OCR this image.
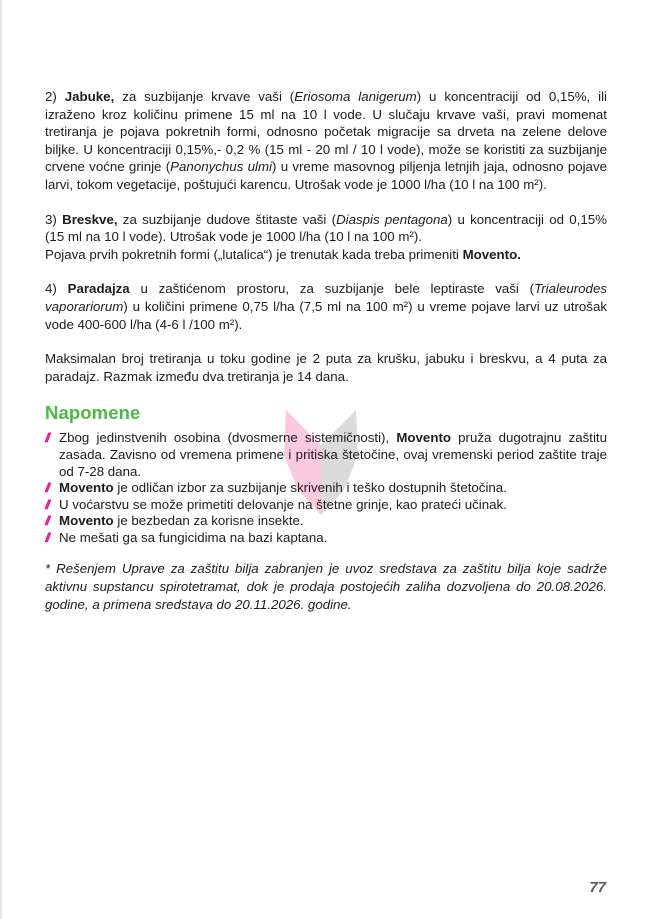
2) Jabuke, za suzbijanje krvave vaši (Eriosoma lanigerum) u koncentraciji od 0,15%, ili izraženo kroz količinu primene 15 ml na 10 l vode. U slučaju krvave vaši, pravi momenat tretiranja je pojava pokretnih formi, odnosno početak migracije sa drveta na zelene delove biljke. U koncentraciji 0,15%,- 0,2 % (15 ml - 20 ml / 10 l vode), može se koristiti za suzbijanje crvene voćne grinje (Panonychus ulmi) u vreme masovnog piljenja letnjih jaja, odnosno pojave larvi, tokom vegetacije, poštujući karencu. Utrošak vode je 1000 l/ha (10 l na 100 m²).

3) Breskve, za suzbijanje dudove štitaste vaši (Diaspis pentagona) u koncentraciji od 0,15% (15 ml na 10 l vode). Utrošak vode je 1000 l/ha (10 l na 100 m²).
Pojava prvih pokretnih formi („lutalica“) je trenutak kada treba primeniti Movento.

4) Paradajza u zaštićenom prostoru, za suzbijanje bele leptiraste vaši (Trialeurodes vaporariorum) u količini primene 0,75 l/ha (7,5 ml na 100 m²) u vreme pojave larvi uz utrošak vode 400-600 l/ha (4-6 l /100 m²).

Maksimalan broj tretiranja u toku godine je 2 puta za krušku, jabuku i breskvu, a 4 puta za paradajz. Razmak između dva tretiranja je 14 dana.

Napomene
// Zbog jedinstvenih osobina (dvosmerne sistemičnosti), Movento pruža dugotrajnu zaštitu zasada. Zavisno od vremena primene i pritiska štetočine, ovaj vremenski period zaštite traje od 7-28 dana.
// Movento je odličan izbor za suzbijanje skrivenih i teško dostupnih štetočina.
// U voćarstvu se može primetiti delovanje na štetne grinje, kao prateći učinak.
// Movento je bezbedan za korisne insekte.
// Ne mešati ga sa fungicidima na bazi kaptana.

* Rešenjem Uprave za zaštitu bilja zabranjen je uvoz sredstava za zaštitu bilja koje sadrže aktivnu supstancu spirotetramat, dok je prodaja postojećih zaliha dozvoljena do 20.08.2026. godine, a primena sredstava do 20.11.2026. godine.

77
